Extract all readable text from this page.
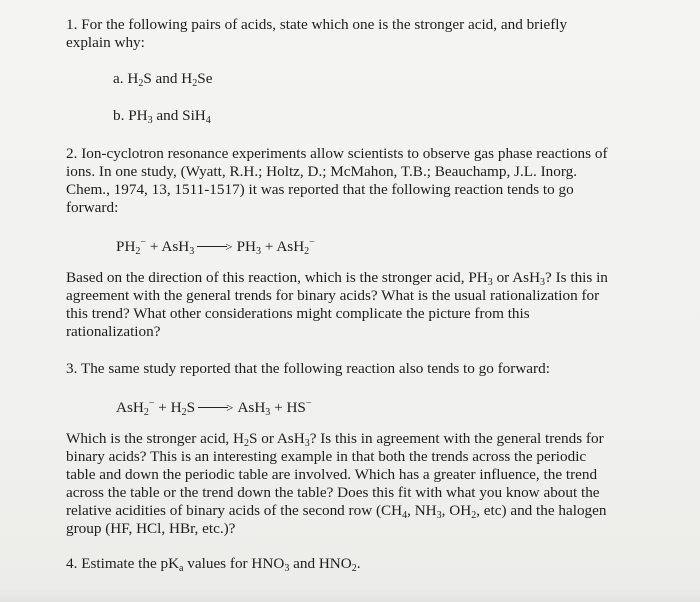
1. For the following pairs of acids, state which one is the stronger acid, and briefly
explain why:
a. $H_2S$ and $H_2Se$
b. $PH_3$ and SiH$_4$
2. Ion-cyclotron resonance experiments allow scientists to observe gas phase reactions of
ions. In one study, (Wyatt, R.H.; Holtz, D.; McMahon, T.B.; Beauchamp, J.L. Inorg.
Chem., 1974, 13, 1511-1517) it was reported that the following reaction tends to go
forward:
$PH_2^- + AsH_3 > PH_3 + AsH_2^-$
Based on the direction of this reaction, which is the stronger acid, $PH_3$ or AsH$_3$? Is this in
agreement with the general trends for binary acids? What is the usual rationalization for
this trend? What other considerations might complicate the picture from this
rationalization?
3. The same study reported that the following reaction also tends to go forward:
$AsH_2^- + H_2S > AsH_3 + HS^-$
Which is the stronger acid, $H_2S$ or AsH$_3$? Is this in agreement with the general trends for
binary acids? This is an interesting example in that both the trends across the periodic
table and down the periodic table are involved. Which has a greater influence, the trend
across the table or the trend down the table? Does this fit with what you know about the
relative acidities of binary acids of the second row ($CH_4$, $NH_3$, $OH_2$, etc) and the halogen
group (HF, HCl, HBr, etc.)?
4. Estimate the $pK_a$ values for $HNO_3$ and $HNO_2$.
